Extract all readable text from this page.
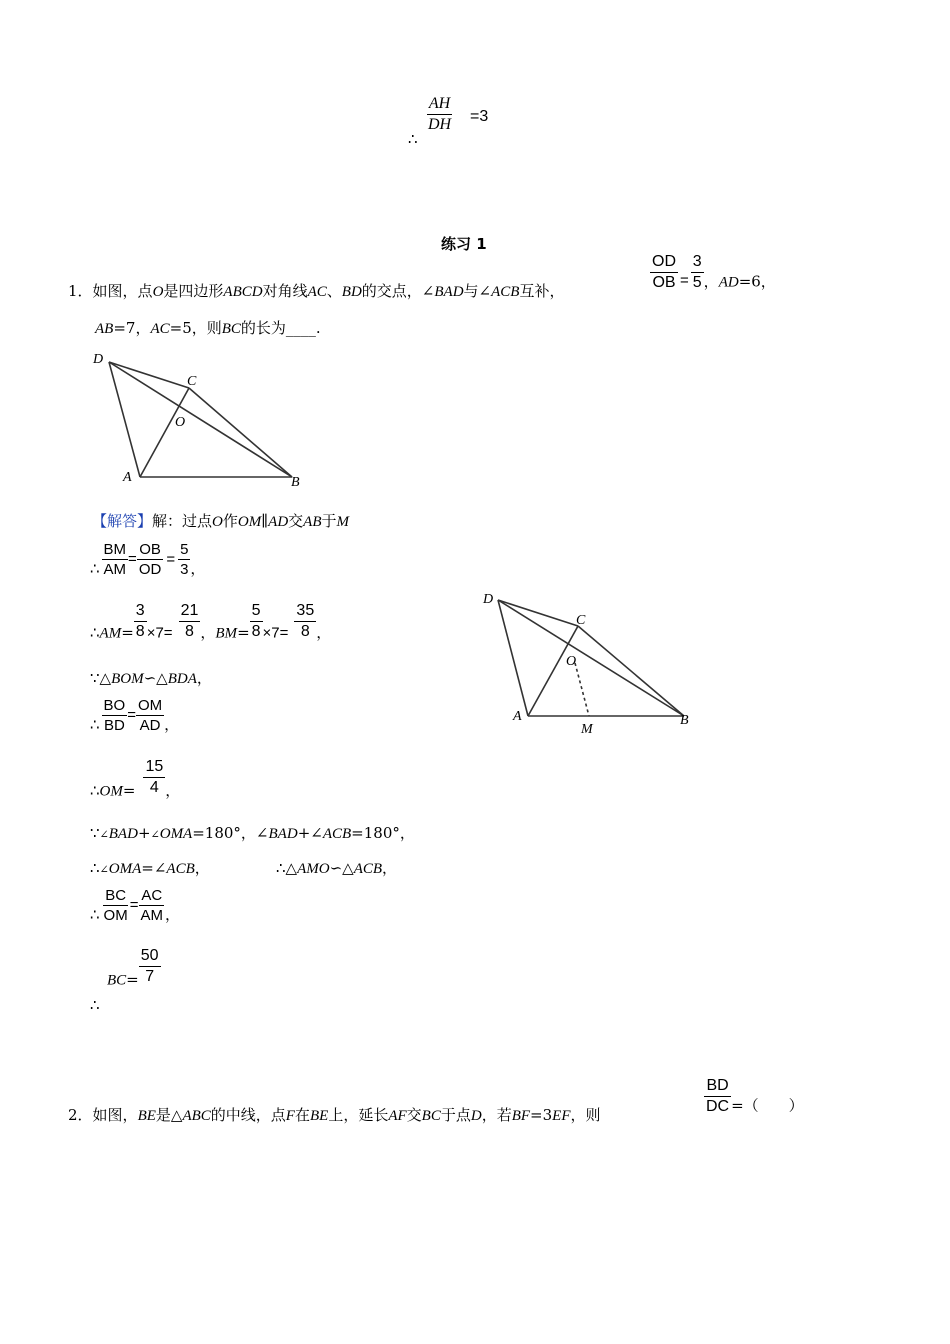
∴
$\frac{AH}{DH} =3$
练习 1
1．如图，点O是四边形ABCD对角线AC、BD的交点，∠BAD与∠ACB互补，	$\frac{OD}{OB} = \frac{3}{5}$ ，AD=6，
AB=7，AC=5，则BC的长为____.
D
C
O
A	B
【解答】解：过点O作OM∥AD交AB于M
∴ $\frac{BM}{AM} = \frac{OB}{OD} = \frac{5}{3}$ ，
∴AM= $\frac{3}{8} \times 7= \frac{21}{8}$ ，$BM= \frac{5}{8} \times 7= \frac{35}{8}$ ，
∵△BOM∽△BDA，
∴ $\frac{BO}{BD} = \frac{OM}{AD}$ ，
∴OM= $\frac{15}{4}$ ，
∵∠BAD+∠OMA=180°，∠BAD+∠ACB=180°，
∴∠OMA=∠ACB，	∴△AMO∽△ACB，
∴ $\frac{BC}{OM} = \frac{AC}{AM}$ ，
$BC= \frac{50}{7}$
∴
D
C
O
A	B
M
2．如图，BE是△ABC的中线，点F在BE上，延长AF交BC于点D，若BF=3EF，则	$\frac{BD}{DC}$ =（　　）
